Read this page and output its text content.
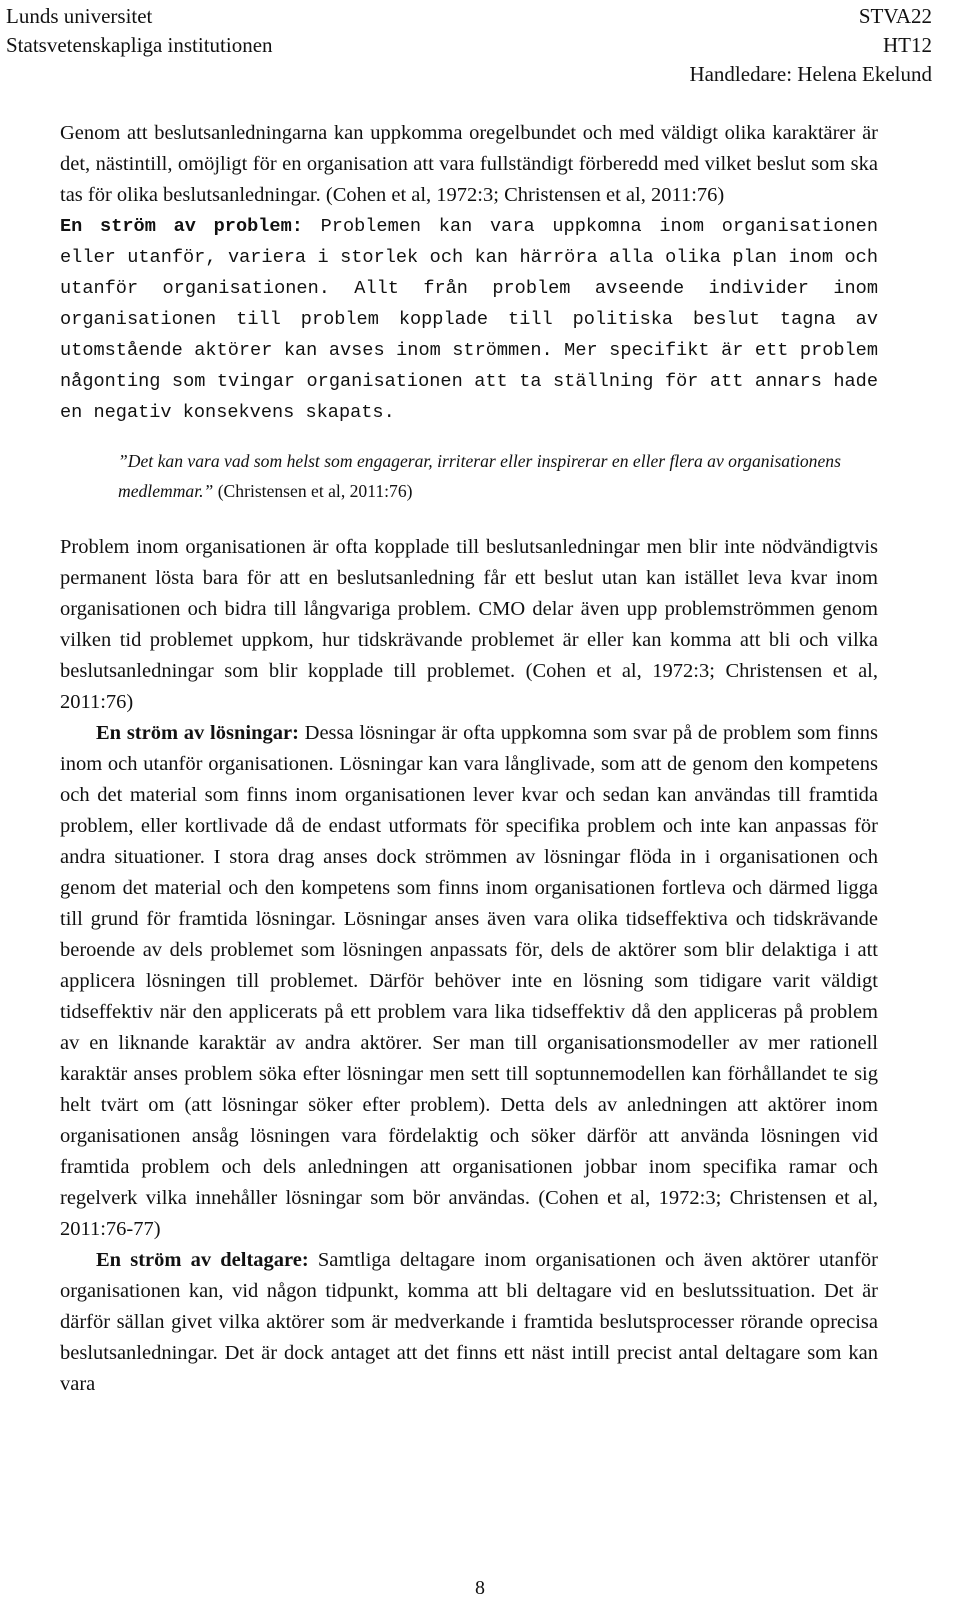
Lunds universitet
Statsvetenskapliga institutionen
STVA22
HT12
Handledare: Helena Ekelund

Genom att beslutsanledningarna kan uppkomma oregelbundet och med väldigt olika karaktärer är det, nästintill, omöjligt för en organisation att vara fullständigt förberedd med vilket beslut som ska tas för olika beslutsanledningar. (Cohen et al, 1972:3; Christensen et al, 2011:76)

En ström av problem: Problemen kan vara uppkomna inom organisationen eller utanför, variera i storlek och kan härröra alla olika plan inom och utanför organisationen. Allt från problem avseende individer inom organisationen till problem kopplade till politiska beslut tagna av utomstående aktörer kan avses inom strömmen. Mer specifikt är ett problem någonting som tvingar organisationen att ta ställning för att annars hade en negativ konsekvens skapats.

”Det kan vara vad som helst som engagerar, irriterar eller inspirerar en eller flera av organisationens medlemmar.” (Christensen et al, 2011:76)

Problem inom organisationen är ofta kopplade till beslutsanledningar men blir inte nödvändigtvis permanent lösta bara för att en beslutsanledning får ett beslut utan kan istället leva kvar inom organisationen och bidra till långvariga problem. CMO delar även upp problemströmmen genom vilken tid problemet uppkom, hur tidskrävande problemet är eller kan komma att bli och vilka beslutsanledningar som blir kopplade till problemet. (Cohen et al, 1972:3; Christensen et al, 2011:76)

En ström av lösningar: Dessa lösningar är ofta uppkomna som svar på de problem som finns inom och utanför organisationen. Lösningar kan vara långlivade, som att de genom den kompetens och det material som finns inom organisationen lever kvar och sedan kan användas till framtida problem, eller kortlivade då de endast utformats för specifika problem och inte kan anpassas för andra situationer. I stora drag anses dock strömmen av lösningar flöda in i organisationen och genom det material och den kompetens som finns inom organisationen fortleva och därmed ligga till grund för framtida lösningar. Lösningar anses även vara olika tidseffektiva och tidskrävande beroende av dels problemet som lösningen anpassats för, dels de aktörer som blir delaktiga i att applicera lösningen till problemet. Därför behöver inte en lösning som tidigare varit väldigt tidseffektiv när den applicerats på ett problem vara lika tidseffektiv då den appliceras på problem av en liknande karaktär av andra aktörer. Ser man till organisationsmodeller av mer rationell karaktär anses problem söka efter lösningar men sett till soptunnemodellen kan förhållandet te sig helt tvärt om (att lösningar söker efter problem). Detta dels av anledningen att aktörer inom organisationen ansåg lösningen vara fördelaktig och söker därför att använda lösningen vid framtida problem och dels anledningen att organisationen jobbar inom specifika ramar och regelverk vilka innehåller lösningar som bör användas. (Cohen et al, 1972:3; Christensen et al, 2011:76-77)

En ström av deltagare: Samtliga deltagare inom organisationen och även aktörer utanför organisationen kan, vid någon tidpunkt, komma att bli deltagare vid en beslutssituation. Det är därför sällan givet vilka aktörer som är medverkande i framtida beslutsprocesser rörande oprecisa beslutsanledningar. Det är dock antaget att det finns ett näst intill precist antal deltagare som kan vara

8
